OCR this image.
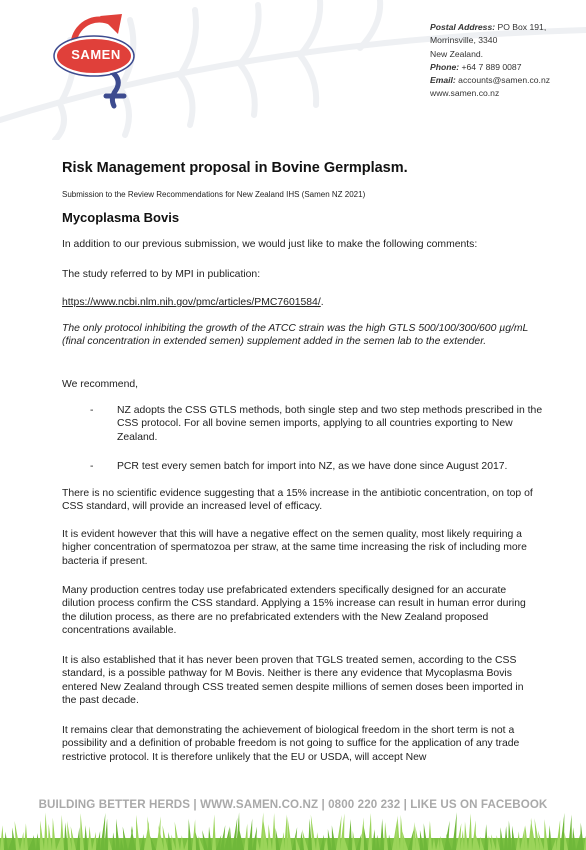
SAMEN
Postal Address: PO Box 191,
Morrinsville, 3340
New Zealand.
Phone: +64 7 889 0087
Email: accounts@samen.co.nz
www.samen.co.nz
Risk Management proposal in Bovine Germplasm.
Submission to the Review Recommendations for New Zealand IHS (Samen NZ 2021)
Mycoplasma Bovis
In addition to our previous submission, we would just like to make the following comments:
The study referred to by MPI in publication:
https://www.ncbi.nlm.nih.gov/pmc/articles/PMC7601584/.
The only protocol inhibiting the growth of the ATCC strain was the high GTLS 500/100/300/600 µg/mL (final concentration in extended semen) supplement added in the semen lab to the extender.
We recommend,
- NZ adopts the CSS GTLS methods, both single step and two step methods prescribed in the CSS protocol. For all bovine semen imports, applying to all countries exporting to New Zealand.
- PCR test every semen batch for import into NZ, as we have done since August 2017.
There is no scientific evidence suggesting that a 15% increase in the antibiotic concentration, on top of CSS standard, will provide an increased level of efficacy.
It is evident however that this will have a negative effect on the semen quality, most likely requiring a higher concentration of spermatozoa per straw, at the same time increasing the risk of including more bacteria if present.
Many production centres today use prefabricated extenders specifically designed for an accurate dilution process confirm the CSS standard. Applying a 15% increase can result in human error during the dilution process, as there are no prefabricated extenders with the New Zealand proposed concentrations available.
It is also established that it has never been proven that TGLS treated semen, according to the CSS standard, is a possible pathway for M Bovis. Neither is there any evidence that Mycoplasma Bovis entered New Zealand through CSS treated semen despite millions of semen doses been imported in the past decade.
It remains clear that demonstrating the achievement of biological freedom in the short term is not a possibility and a definition of probable freedom is not going to suffice for the application of any trade restrictive protocol. It is therefore unlikely that the EU or USDA, will accept New
BUILDING BETTER HERDS | WWW.SAMEN.CO.NZ | 0800 220 232 | LIKE US ON FACEBOOK
